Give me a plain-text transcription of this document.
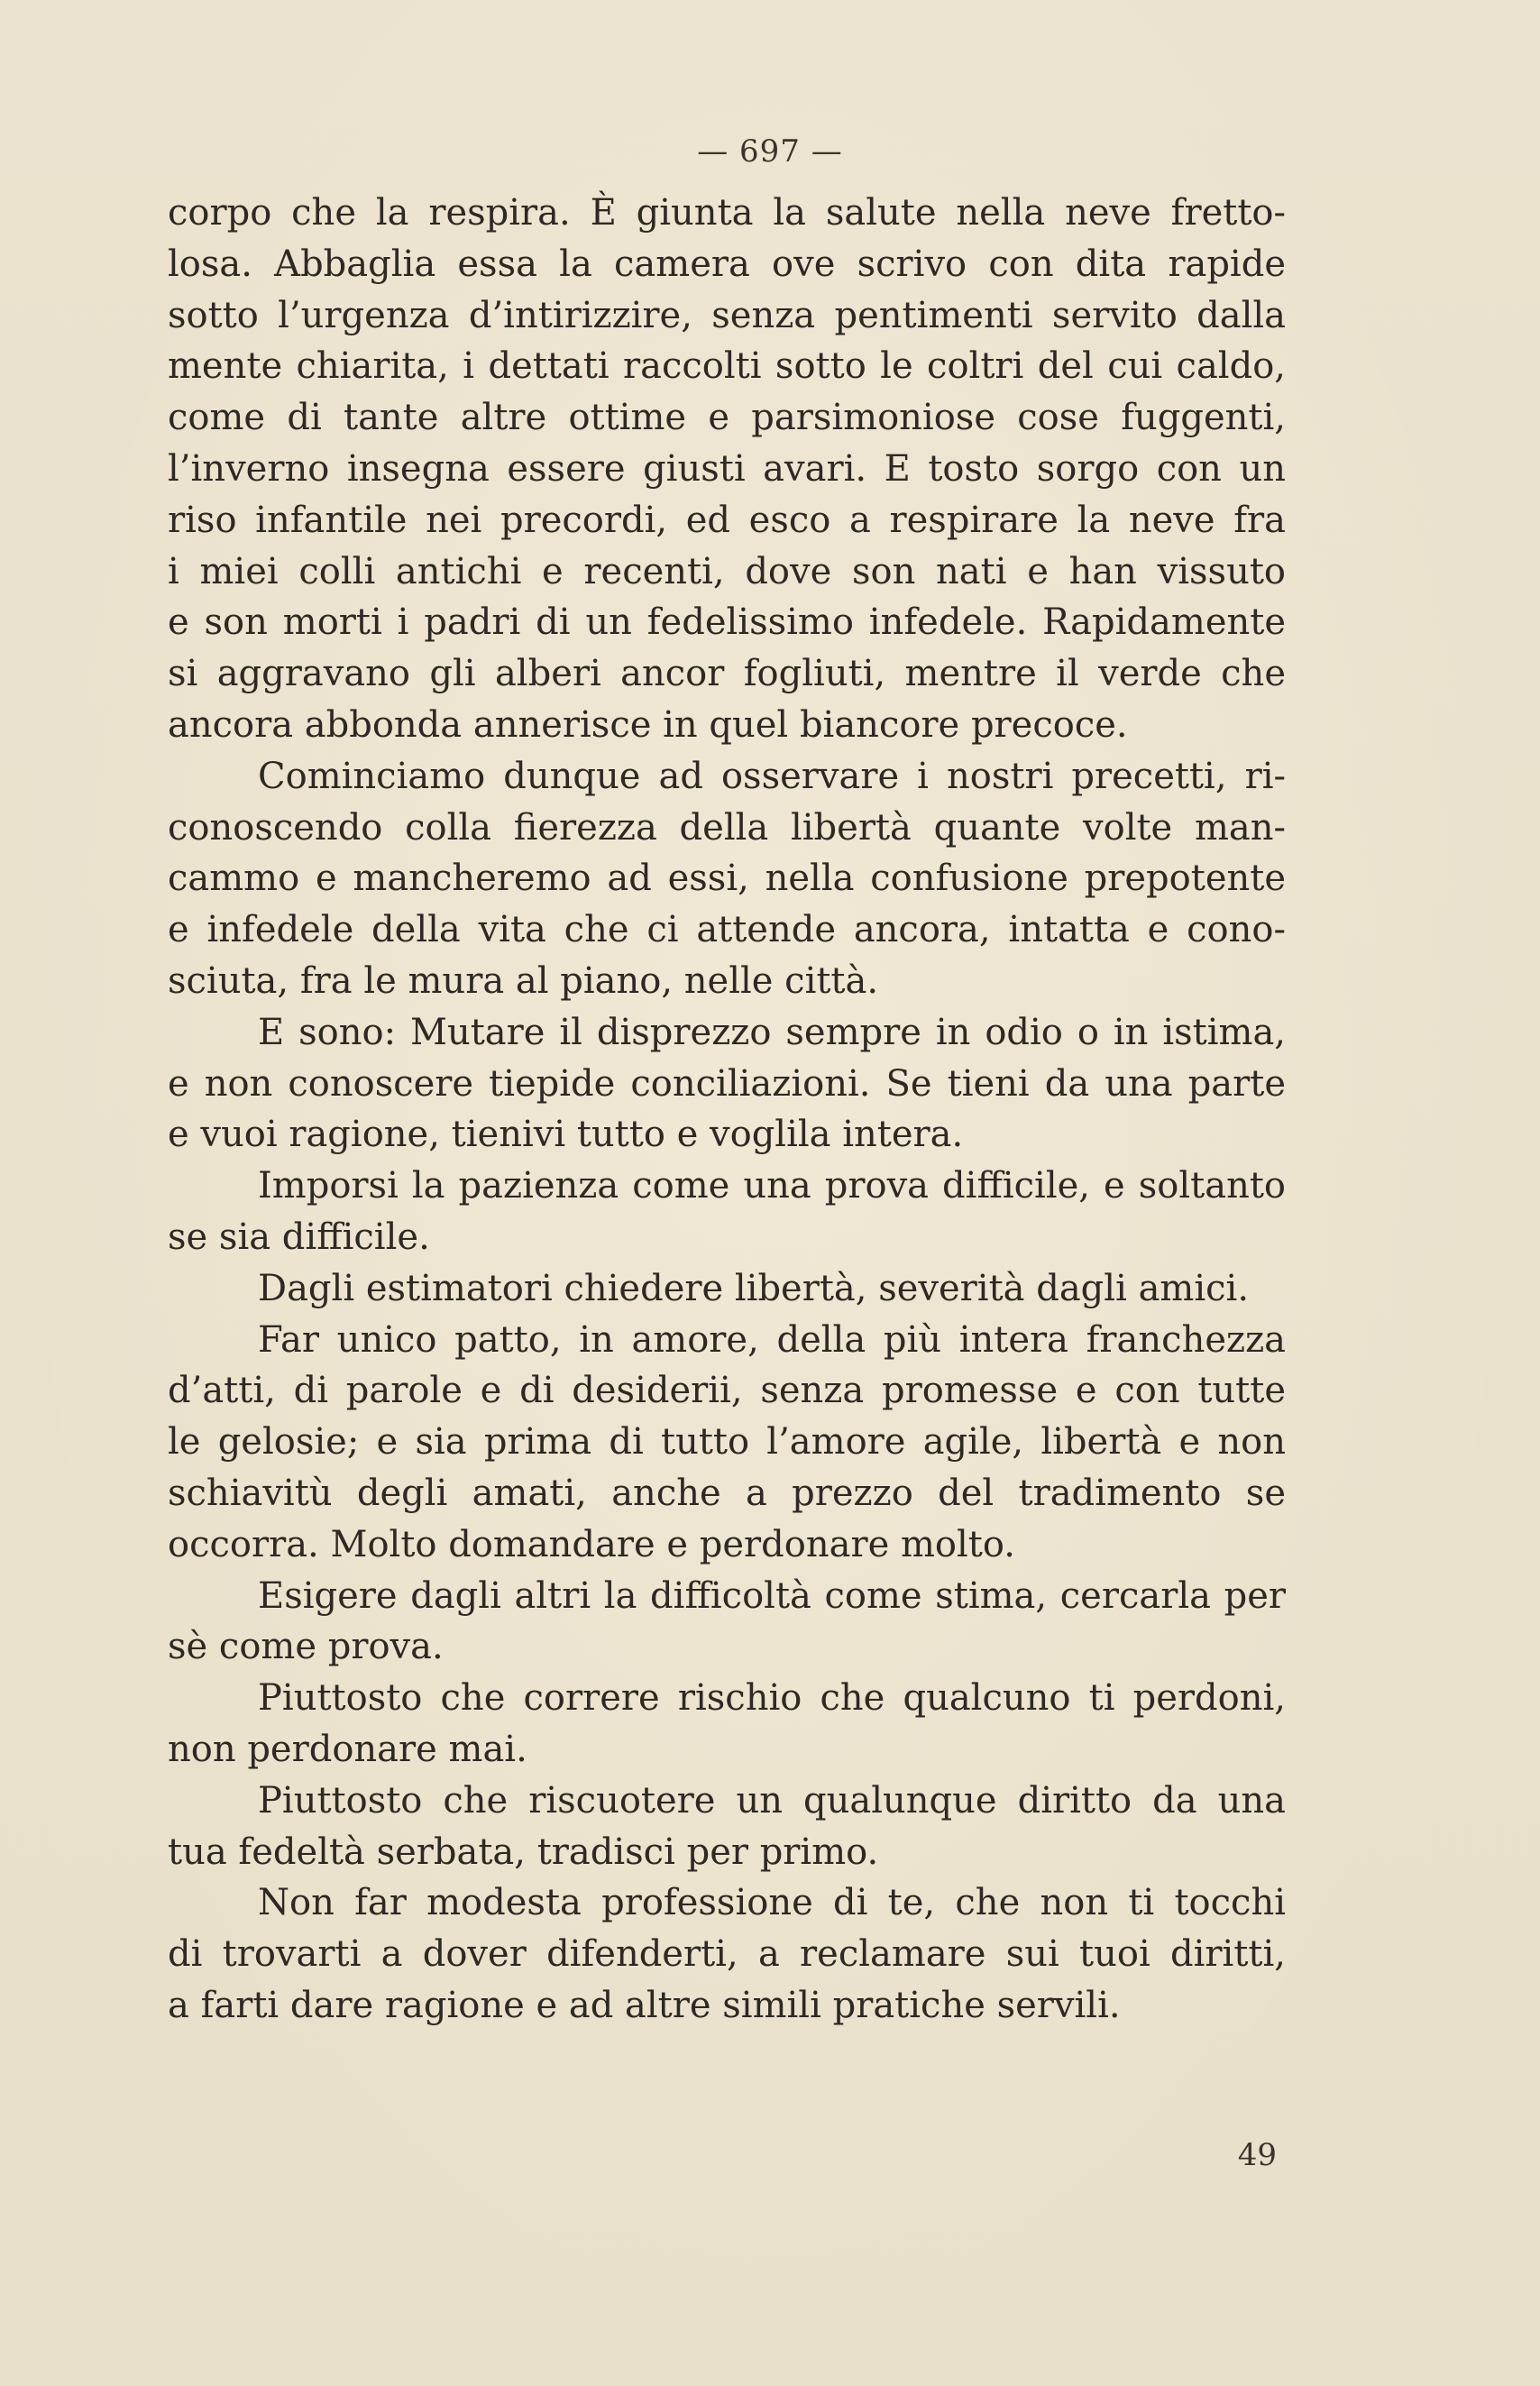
— 697 —
corpo che la respira. È giunta la salute nella neve fretto-
losa. Abbaglia essa la camera ove scrivo con dita rapide
sotto l’urgenza d’intirizzire, senza pentimenti servito dalla
mente chiarita, i dettati raccolti sotto le coltri del cui caldo,
come di tante altre ottime e parsimoniose cose fuggenti,
l’inverno insegna essere giusti avari. E tosto sorgo con un
riso infantile nei precordi, ed esco a respirare la neve fra
i miei colli antichi e recenti, dove son nati e han vissuto
e son morti i padri di un fedelissimo infedele. Rapidamente
si aggravano gli alberi ancor fogliuti, mentre il verde che
ancora abbonda annerisce in quel biancore precoce.
Cominciamo dunque ad osservare i nostri precetti, ri-
conoscendo colla fierezza della libertà quante volte man-
cammo e mancheremo ad essi, nella confusione prepotente
e infedele della vita che ci attende ancora, intatta e cono-
sciuta, fra le mura al piano, nelle città.
E sono: Mutare il disprezzo sempre in odio o in istima,
e non conoscere tiepide conciliazioni. Se tieni da una parte
e vuoi ragione, tienivi tutto e voglila intera.
Imporsi la pazienza come una prova difficile, e soltanto
se sia difficile.
Dagli estimatori chiedere libertà, severità dagli amici.
Far unico patto, in amore, della più intera franchezza
d’atti, di parole e di desiderii, senza promesse e con tutte
le gelosie; e sia prima di tutto l’amore agile, libertà e non
schiavitù degli amati, anche a prezzo del tradimento se
occorra. Molto domandare e perdonare molto.
Esigere dagli altri la difficoltà come stima, cercarla per
sè come prova.
Piuttosto che correre rischio che qualcuno ti perdoni,
non perdonare mai.
Piuttosto che riscuotere un qualunque diritto da una
tua fedeltà serbata, tradisci per primo.
Non far modesta professione di te, che non ti tocchi
di trovarti a dover difenderti, a reclamare sui tuoi diritti,
a farti dare ragione e ad altre simili pratiche servili.
49
